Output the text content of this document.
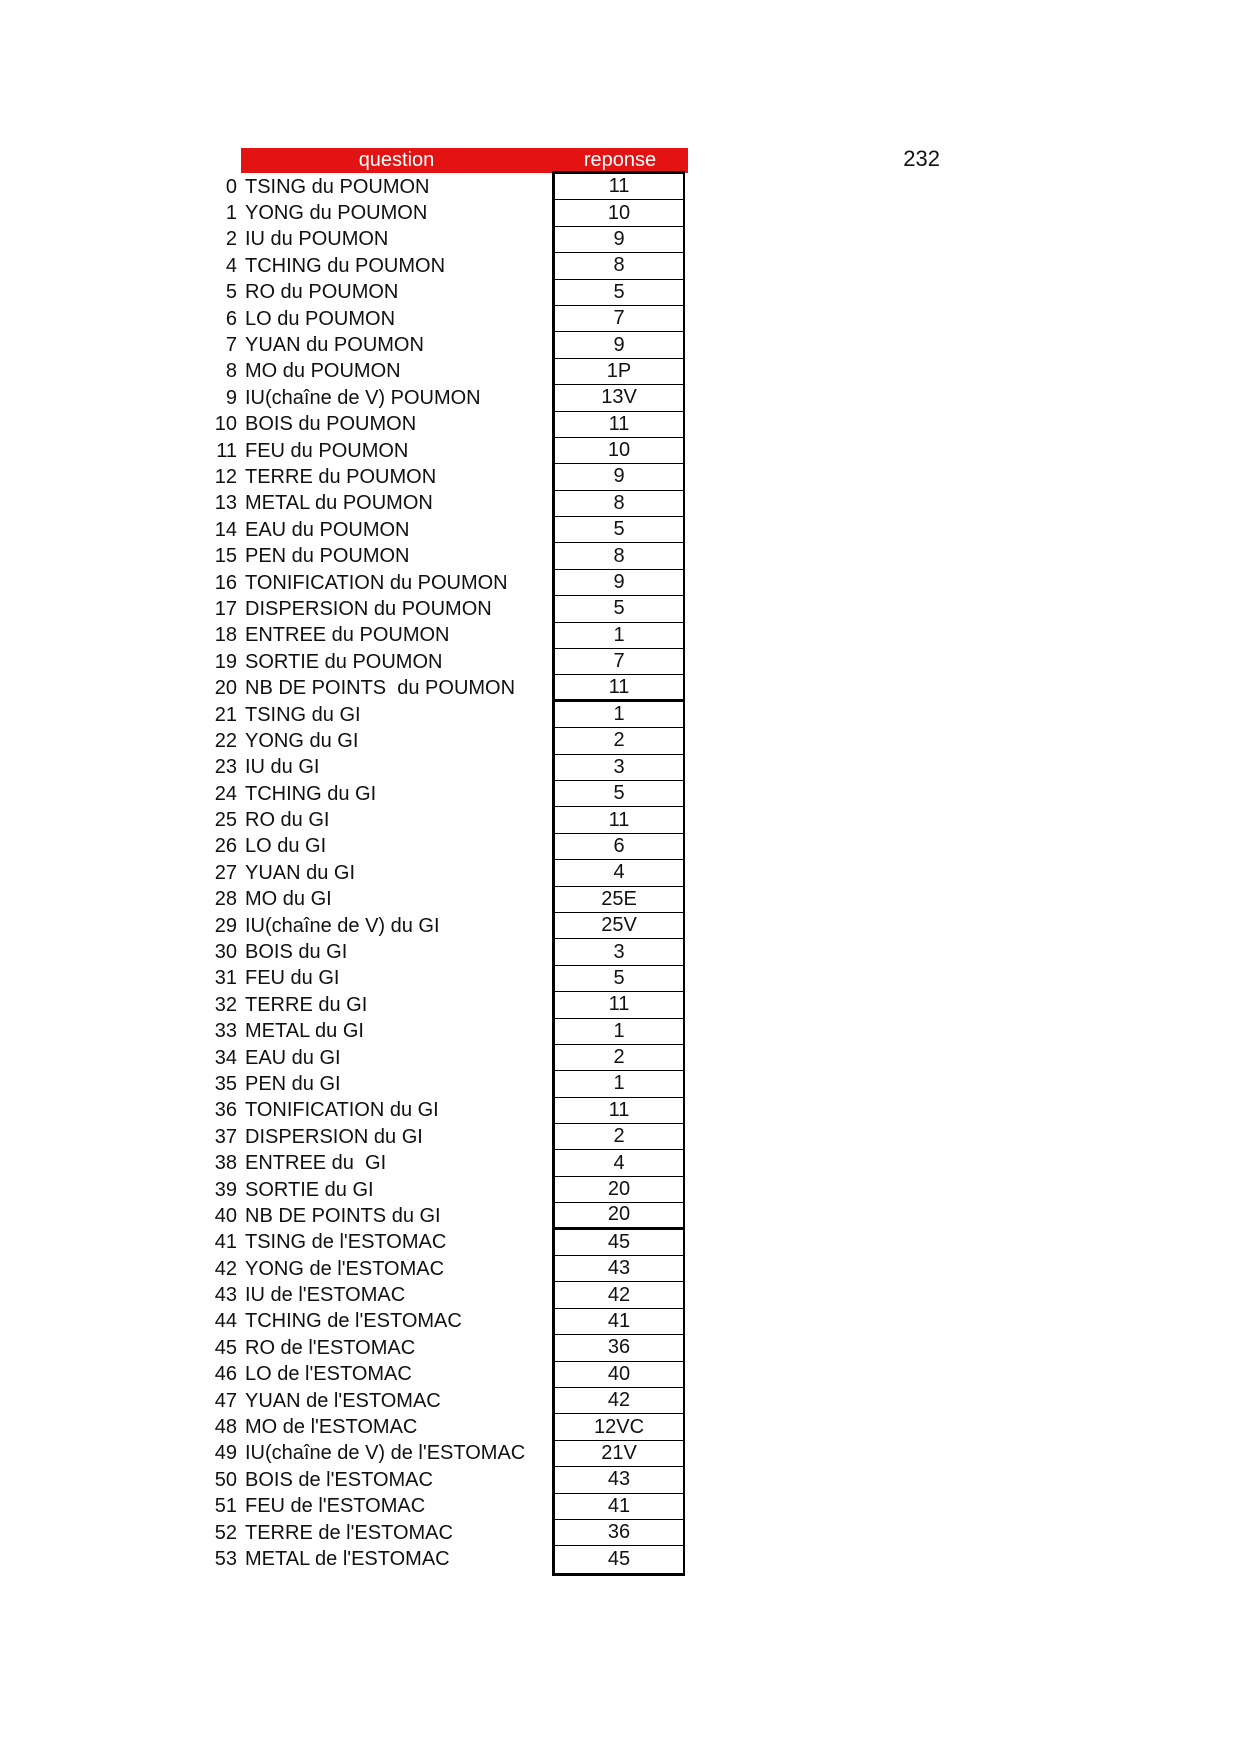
232
question	reponse
0 TSING du POUMON
1 YONG du POUMON
2 IU du POUMON
4 TCHING du POUMON
5 RO du POUMON
6 LO du POUMON
7 YUAN du POUMON
8 MO du POUMON
9 IU(chaîne de V) POUMON
10 BOIS du POUMON
11 FEU du POUMON
12 TERRE du POUMON
13 METAL du POUMON
14 EAU du POUMON
15 PEN du POUMON
16 TONIFICATION du POUMON
17 DISPERSION du POUMON
18 ENTREE du POUMON
19 SORTIE du POUMON
20 NB DE POINTS  du POUMON
21 TSING du GI
22 YONG du GI
23 IU du GI
24 TCHING du GI
25 RO du GI
26 LO du GI
27 YUAN du GI
28 MO du GI
29 IU(chaîne de V) du GI
30 BOIS du GI
31 FEU du GI
32 TERRE du GI
33 METAL du GI
34 EAU du GI
35 PEN du GI
36 TONIFICATION du GI
37 DISPERSION du GI
38 ENTREE du  GI
39 SORTIE du GI
40 NB DE POINTS du GI
41 TSING de l'ESTOMAC
42 YONG de l'ESTOMAC
43 IU de l'ESTOMAC
44 TCHING de l'ESTOMAC
45 RO de l'ESTOMAC
46 LO de l'ESTOMAC
47 YUAN de l'ESTOMAC
48 MO de l'ESTOMAC
49 IU(chaîne de V) de l'ESTOMAC
50 BOIS de l'ESTOMAC
51 FEU de l'ESTOMAC
52 TERRE de l'ESTOMAC
53 METAL de l'ESTOMAC
11
10
9
8
5
7
9
1P
13V
11
10
9
8
5
8
9
5
1
7
11
1
2
3
5
11
6
4
25E
25V
3
5
11
1
2
1
11
2
4
20
20
45
43
42
41
36
40
42
12VC
21V
43
41
36
45
